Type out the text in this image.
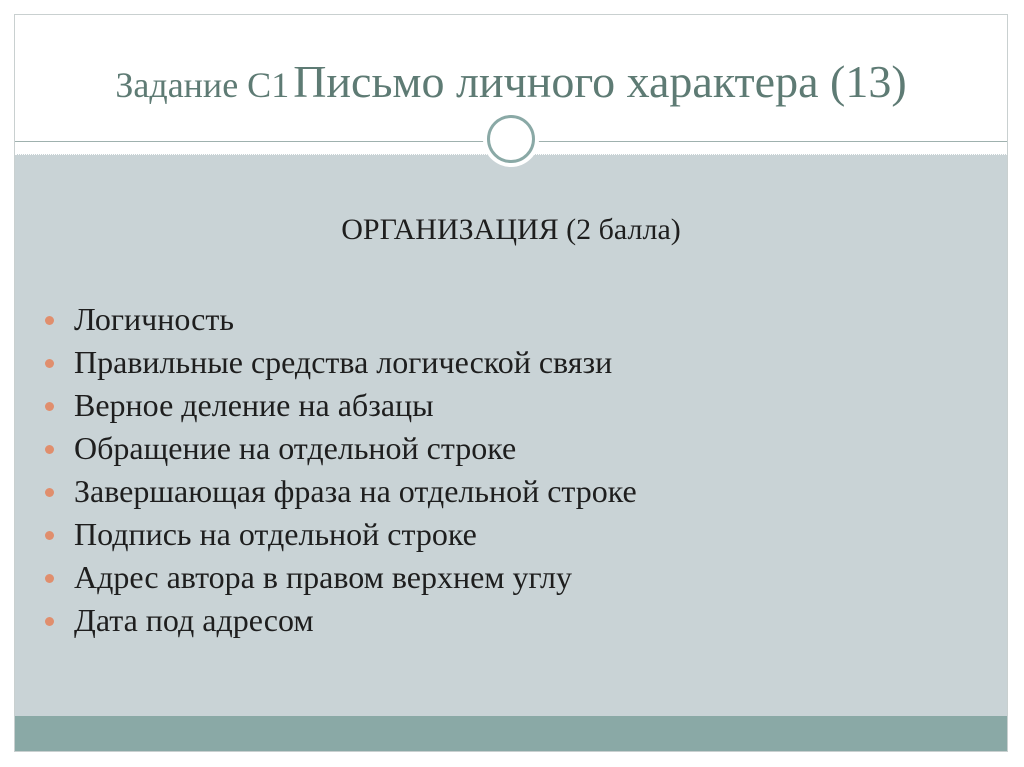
Задание С1 Письмо личного характера (13)
ОРГАНИЗАЦИЯ (2 балла)
Логичность
Правильные средства логической связи
Верное деление на абзацы
Обращение на отдельной строке
Завершающая фраза на отдельной строке
Подпись на отдельной строке
Адрес автора в правом верхнем углу
Дата под адресом
